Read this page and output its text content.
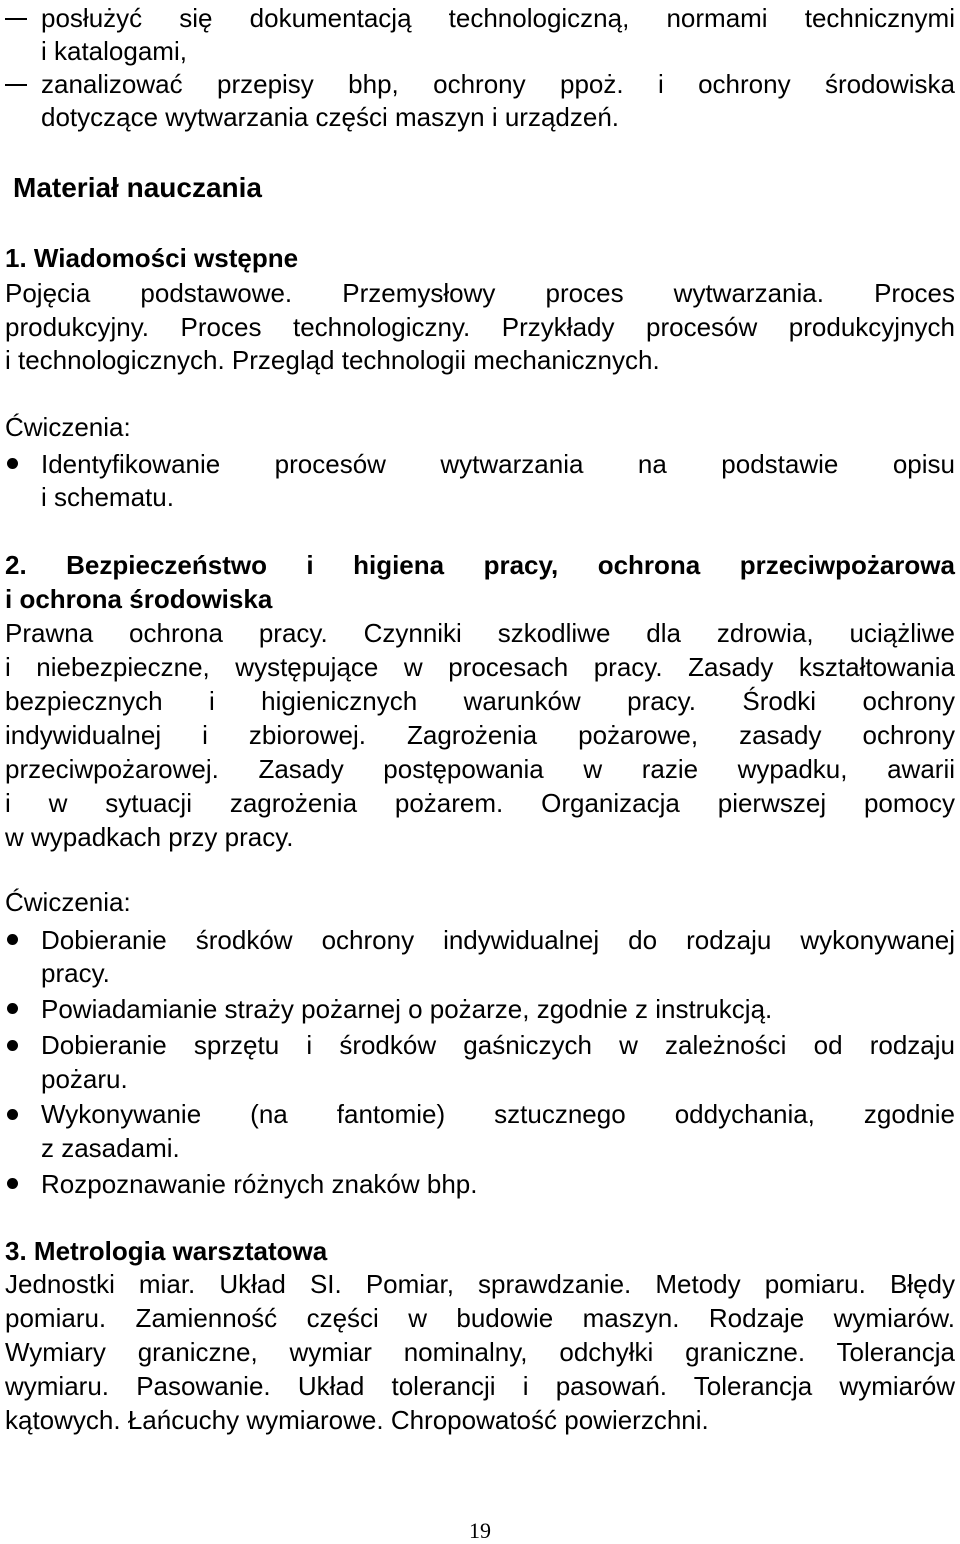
posłużyć się dokumentacją technologiczną, normami technicznymi
i katalogami,
zanalizować przepisy bhp, ochrony ppoż. i ochrony środowiska
dotyczące wytwarzania części maszyn i urządzeń.
Materiał nauczania
1. Wiadomości wstępne
Pojęcia podstawowe. Przemysłowy proces wytwarzania. Proces
produkcyjny. Proces technologiczny. Przykłady procesów produkcyjnych
i technologicznych. Przegląd technologii mechanicznych.
Ćwiczenia:
Identyfikowanie procesów wytwarzania na podstawie opisu
i schematu.
2. Bezpieczeństwo i higiena pracy, ochrona przeciwpożarowa
i ochrona środowiska
Prawna ochrona pracy. Czynniki szkodliwe dla zdrowia, uciążliwe
i niebezpieczne, występujące w procesach pracy. Zasady kształtowania
bezpiecznych i higienicznych warunków pracy. Środki ochrony
indywidualnej i zbiorowej. Zagrożenia pożarowe, zasady ochrony
przeciwpożarowej. Zasady postępowania w razie wypadku, awarii
i w sytuacji zagrożenia pożarem. Organizacja pierwszej pomocy
w wypadkach przy pracy.
Ćwiczenia:
Dobieranie środków ochrony indywidualnej do rodzaju wykonywanej
pracy.
Powiadamianie straży pożarnej o pożarze, zgodnie z instrukcją.
Dobieranie sprzętu i środków gaśniczych w zależności od rodzaju
pożaru.
Wykonywanie (na fantomie) sztucznego oddychania, zgodnie
z zasadami.
Rozpoznawanie różnych znaków bhp.
3. Metrologia warsztatowa
Jednostki miar. Układ SI. Pomiar, sprawdzanie. Metody pomiaru. Błędy
pomiaru. Zamienność części w budowie maszyn. Rodzaje wymiarów.
Wymiary graniczne, wymiar nominalny, odchyłki graniczne. Tolerancja
wymiaru. Pasowanie. Układ tolerancji i pasowań. Tolerancja wymiarów
kątowych. Łańcuchy wymiarowe. Chropowatość powierzchni.
19
